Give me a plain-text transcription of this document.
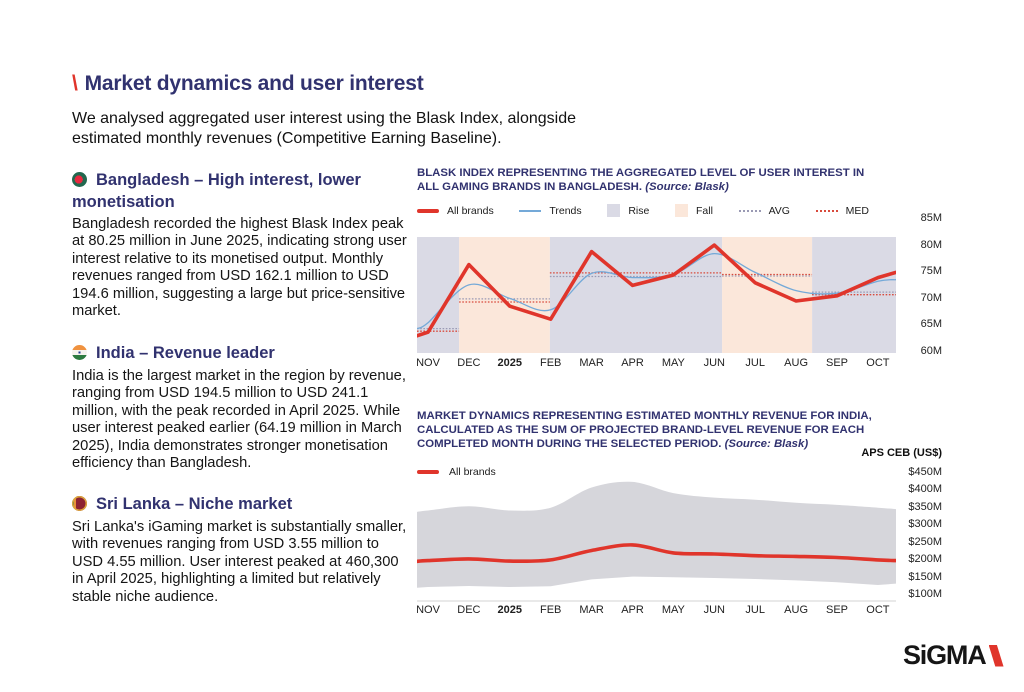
\ Market dynamics and user interest
We analysed aggregated user interest using the Blask Index, alongside estimated monthly revenues (Competitive Earning Baseline).
Bangladesh – High interest, lower monetisation
Bangladesh recorded the highest Blask Index peak at 80.25 million in June 2025, indicating strong user interest relative to its monetised output. Monthly revenues ranged from USD 162.1 million to USD 194.6 million, suggesting a large but price-sensitive market.
India – Revenue leader
India is the largest market in the region by revenue, ranging from USD 194.5 million to USD 241.1 million, with the peak recorded in April 2025. While user interest peaked earlier (64.19 million in March 2025), India demonstrates stronger monetisation efficiency than Bangladesh.
Sri Lanka – Niche market
Sri Lanka's iGaming market is substantially smaller, with revenues ranging from USD 3.55 million to USD 4.55 million. User interest peaked at 460,300 in April 2025, highlighting a limited but relatively stable niche audience.
BLASK INDEX REPRESENTING THE AGGREGATED LEVEL OF USER INTEREST IN ALL GAMING BRANDS IN BANGLADESH. (Source: Blask)
All brands	Trends	Rise	Fall	AVG	MED
NOV DEC 2025 FEB MAR APR MAY JUN JUL AUG SEP OCT
85M
80M
75M
70M
65M
60M
MARKET DYNAMICS REPRESENTING ESTIMATED MONTHLY REVENUE FOR INDIA, CALCULATED AS THE SUM OF PROJECTED BRAND-LEVEL REVENUE FOR EACH COMPLETED MONTH DURING THE SELECTED PERIOD. (Source: Blask)
APS CEB (US$)
All brands
NOV DEC 2025 FEB MAR APR MAY JUN JUL AUG SEP OCT
$450M
$400M
$350M
$300M
$250M
$200M
$150M
$100M
SiGMA
